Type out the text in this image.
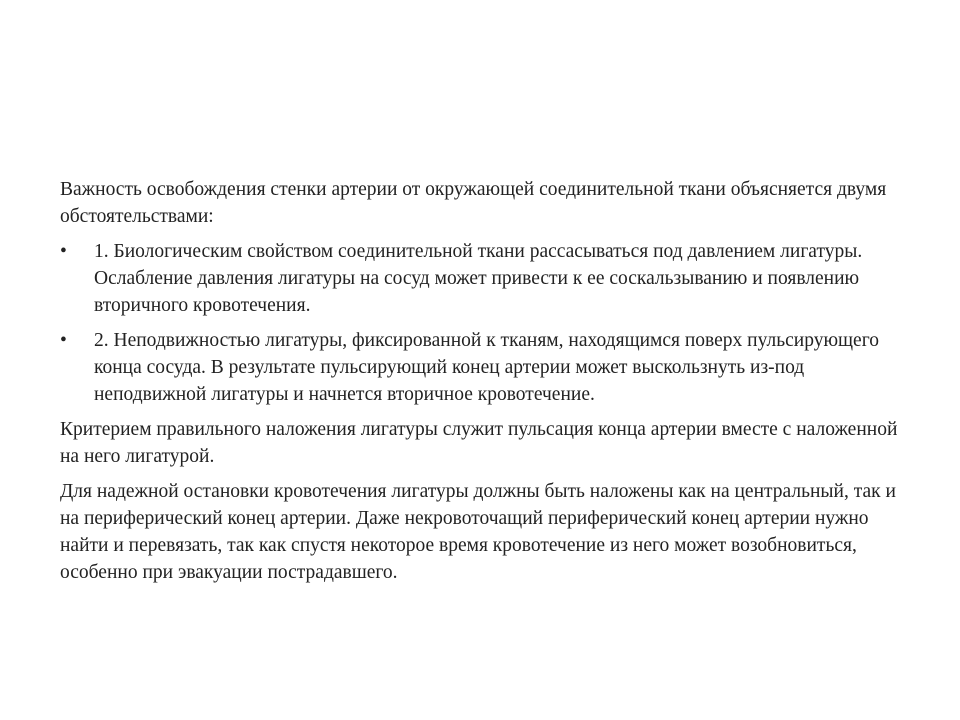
Важность освобождения стенки артерии от окружающей соединительной ткани объясняется двумя обстоятельствами:

• 1. Биологическим свойством соединительной ткани рассасываться под давлением лигатуры. Ослабление давления лигатуры на сосуд может привести к ее соскальзыванию и появлению вторичного кровотечения.
• 2. Неподвижностью лигатуры, фиксированной к тканям, находящимся поверх пульсирующего конца сосуда. В результате пульсирующий конец артерии может выскользнуть из-под неподвижной лигатуры и начнется вторичное кровотечение.

Критерием правильного наложения лигатуры служит пульсация конца артерии вместе с наложенной на него лигатурой.

Для надежной остановки кровотечения лигатуры должны быть наложены как на центральный, так и на периферический конец артерии. Даже некровоточащий периферический конец артерии нужно найти и перевязать, так как спустя некоторое время кровотечение из него может возобновиться, особенно при эвакуации пострадавшего.
